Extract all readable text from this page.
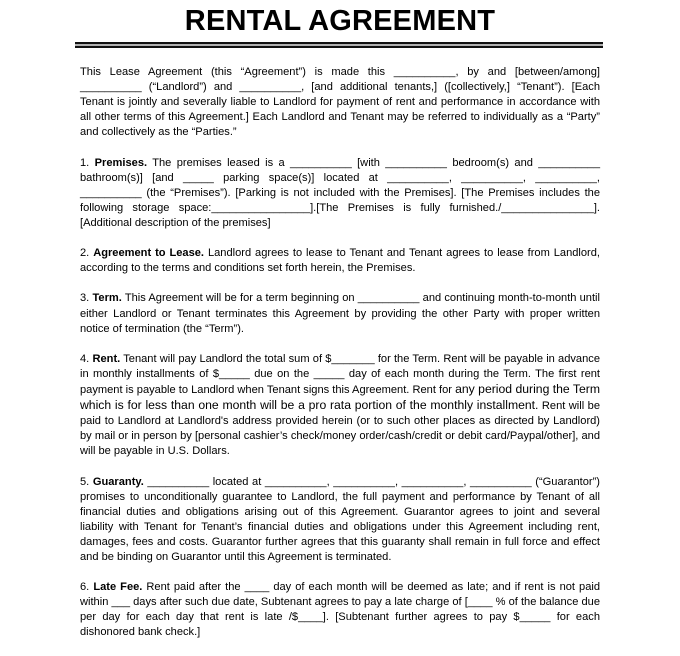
RENTAL AGREEMENT

This Lease Agreement (this “Agreement”) is made this __________, by and [between/among] __________ (“Landlord”) and __________, [and additional tenants,] ([collectively,] “Tenant”). [Each Tenant is jointly and severally liable to Landlord for payment of rent and performance in accordance with all other terms of this Agreement.] Each Landlord and Tenant may be referred to individually as a “Party” and collectively as the “Parties.”

1. Premises. The premises leased is a __________ [with __________ bedroom(s) and __________ bathroom(s)] [and _____ parking space(s)] located at __________, __________, __________, __________ (the “Premises”). [Parking is not included with the Premises]. [The Premises includes the following storage space:________________].[The Premises is fully furnished./_______________]. [Additional description of the premises]

2. Agreement to Lease. Landlord agrees to lease to Tenant and Tenant agrees to lease from Landlord, according to the terms and conditions set forth herein, the Premises.

3. Term. This Agreement will be for a term beginning on __________ and continuing month-to-month until either Landlord or Tenant terminates this Agreement by providing the other Party with proper written notice of termination (the “Term”).

4. Rent. Tenant will pay Landlord the total sum of $_______ for the Term. Rent will be payable in advance in monthly installments of $_____ due on the _____ day of each month during the Term. The first rent payment is payable to Landlord when Tenant signs this Agreement. Rent for any period during the Term which is for less than one month will be a pro rata portion of the monthly installment. Rent will be paid to Landlord at Landlord's address provided herein (or to such other places as directed by Landlord) by mail or in person by [personal cashier’s check/money order/cash/credit or debit card/Paypal/other], and will be payable in U.S. Dollars.

5. Guaranty. __________ located at __________, __________, __________, __________ (“Guarantor”) promises to unconditionally guarantee to Landlord, the full payment and performance by Tenant of all financial duties and obligations arising out of this Agreement. Guarantor agrees to joint and several liability with Tenant for Tenant’s financial duties and obligations under this Agreement including rent, damages, fees and costs. Guarantor further agrees that this guaranty shall remain in full force and effect and be binding on Guarantor until this Agreement is terminated.

6. Late Fee. Rent paid after the ____ day of each month will be deemed as late; and if rent is not paid within ___ days after such due date, Subtenant agrees to pay a late charge of [____ % of the balance due per day for each day that rent is late /$____]. [Subtenant further agrees to pay $_____ for each dishonored bank check.]
